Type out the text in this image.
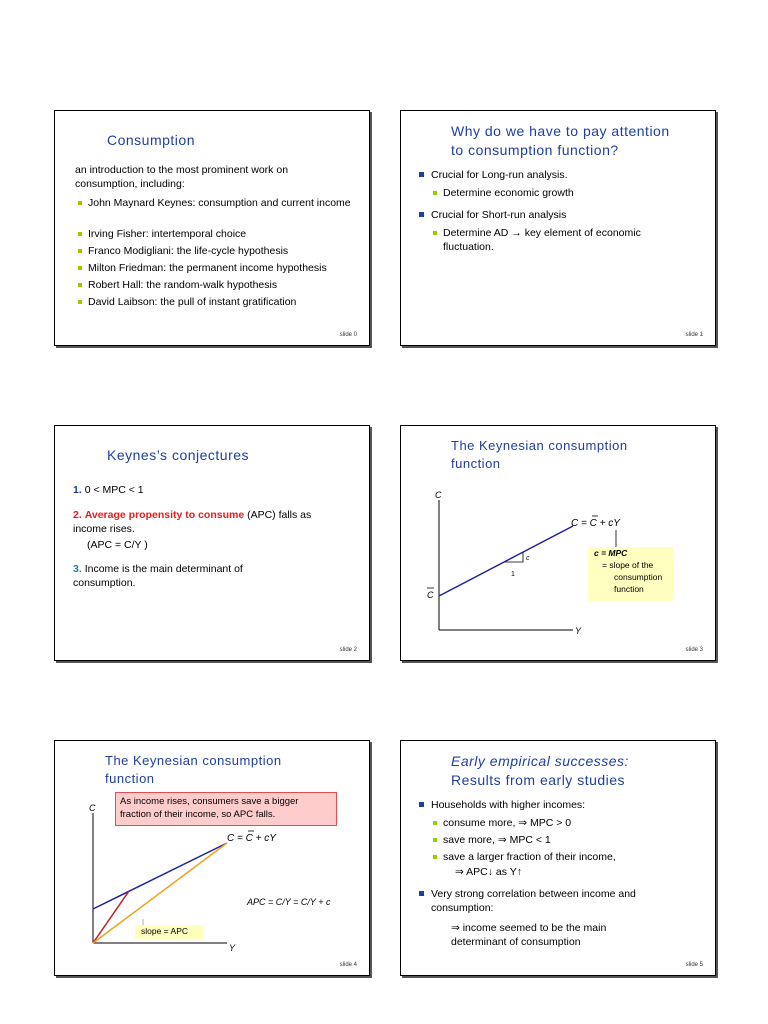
Consumption
an introduction to the most prominent work on consumption, including:
John Maynard Keynes: consumption and current income
Irving Fisher: intertemporal choice
Franco Modigliani: the life-cycle hypothesis
Milton Friedman: the permanent income hypothesis
Robert Hall: the random-walk hypothesis
David Laibson: the pull of instant gratification
slide 0
Why do we have to pay attention
to consumption function?
Crucial for Long-run analysis.
Determine economic growth
Crucial for Short-run analysis
Determine AD → key element of economic fluctuation.
slide 1
Keynes’s conjectures
1. 0 < MPC < 1
2. Average propensity to consume (APC) falls as income rises.
(APC = C/Y )
3. Income is the main determinant of consumption.
slide 2
The Keynesian consumption
function
C
Y
C
c
1
C = C + cY
c = MPC
= slope of the
consumption
function
slide 3
The Keynesian consumption
function
As income rises, consumers save a bigger fraction of their income, so APC falls.
C
Y
C = C + cY
APC = C/Y = C/Y + c
slope = APC
slide 4
Early empirical successes:
Results from early studies
Households with higher incomes:
consume more, ⇒ MPC > 0
save more, ⇒ MPC < 1
save a larger fraction of their income,
⇒ APC↓ as Y↑
Very strong correlation between income and consumption:
⇒ income seemed to be the main determinant of consumption
slide 5
